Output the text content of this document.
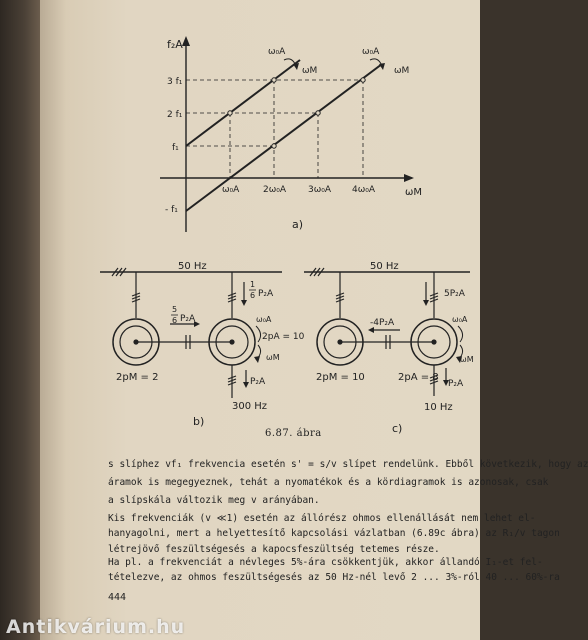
f₂A
ωM
3 f₁
2 f₁
f₁
- f₁
ω₀A	2ω₀A 3ω₀A 4ω₀A
ω₀A
ωM
ω₀A
ωM
a)
50 Hz
1
6 P₂A
5
6 P₂A	ω₀A
2pA = 10
ωM
2pM = 2	P₂A
300 Hz
b)
50 Hz
-4P₂A
5P₂A
ω₀A
ωM
2pM = 10	2pA = 8
P₂A
10 Hz
c)
6.87. ábra
s slíphez vf₁ frekvencia esetén s' = s/v slípet rendelünk. Ebből következik, hogy az
áramok is megegyeznek, tehát a nyomatékok és a kördiagramok is azonosak, csak
a slípskála változik meg v arányában.
Kis frekvenciák (v ≪1) esetén az állórész ohmos ellenállását nem lehet el-
hanyagolni, mert a helyettesítő kapcsolási vázlatban (6.89c ábra) az R₁/v tagon
létrejövő feszültségesés a kapocsfeszültség tetemes része.
Ha pl. a frekvenciát a névleges 5%-ára csökkentjük, akkor állandó I₁-et fel-
tételezve, az ohmos feszültségesés az 50 Hz-nél levő 2 ... 3%-ról 40 ... 60%-ra
444
Antikvárium.hu
